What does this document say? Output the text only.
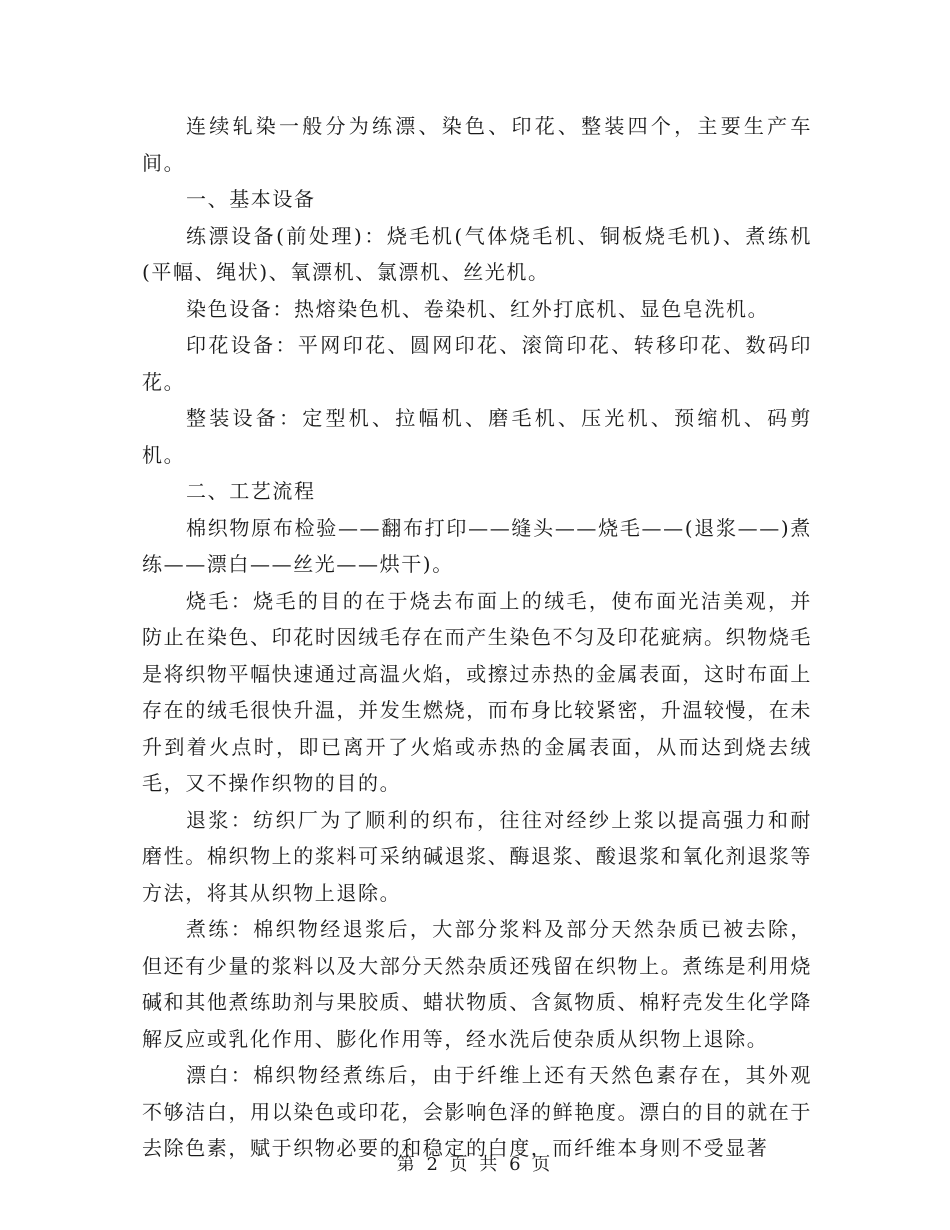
连续轧染一般分为练漂、染色、印花、整装四个，主要生产车间。

一、基本设备

练漂设备(前处理)：烧毛机(气体烧毛机、铜板烧毛机)、煮练机(平幅、绳状)、氧漂机、氯漂机、丝光机。

染色设备：热熔染色机、卷染机、红外打底机、显色皂洗机。

印花设备：平网印花、圆网印花、滚筒印花、转移印花、数码印花。

整装设备：定型机、拉幅机、磨毛机、压光机、预缩机、码剪机。

二、工艺流程

棉织物原布检验——翻布打印——缝头——烧毛——(退浆——)煮练——漂白——丝光——烘干)。

烧毛：烧毛的目的在于烧去布面上的绒毛，使布面光洁美观，并防止在染色、印花时因绒毛存在而产生染色不匀及印花疵病。织物烧毛是将织物平幅快速通过高温火焰，或擦过赤热的金属表面，这时布面上存在的绒毛很快升温，并发生燃烧，而布身比较紧密，升温较慢，在未升到着火点时，即已离开了火焰或赤热的金属表面，从而达到烧去绒毛，又不操作织物的目的。

退浆：纺织厂为了顺利的织布，往往对经纱上浆以提高强力和耐磨性。棉织物上的浆料可采纳碱退浆、酶退浆、酸退浆和氧化剂退浆等方法，将其从织物上退除。

煮练：棉织物经退浆后，大部分浆料及部分天然杂质已被去除，但还有少量的浆料以及大部分天然杂质还残留在织物上。煮练是利用烧碱和其他煮练助剂与果胶质、蜡状物质、含氮物质、棉籽壳发生化学降解反应或乳化作用、膨化作用等，经水洗后使杂质从织物上退除。

漂白：棉织物经煮练后，由于纤维上还有天然色素存在，其外观不够洁白，用以染色或印花，会影响色泽的鲜艳度。漂白的目的就在于去除色素，赋于织物必要的和稳定的白度，而纤维本身则不受显著

第 2 页 共 6 页
